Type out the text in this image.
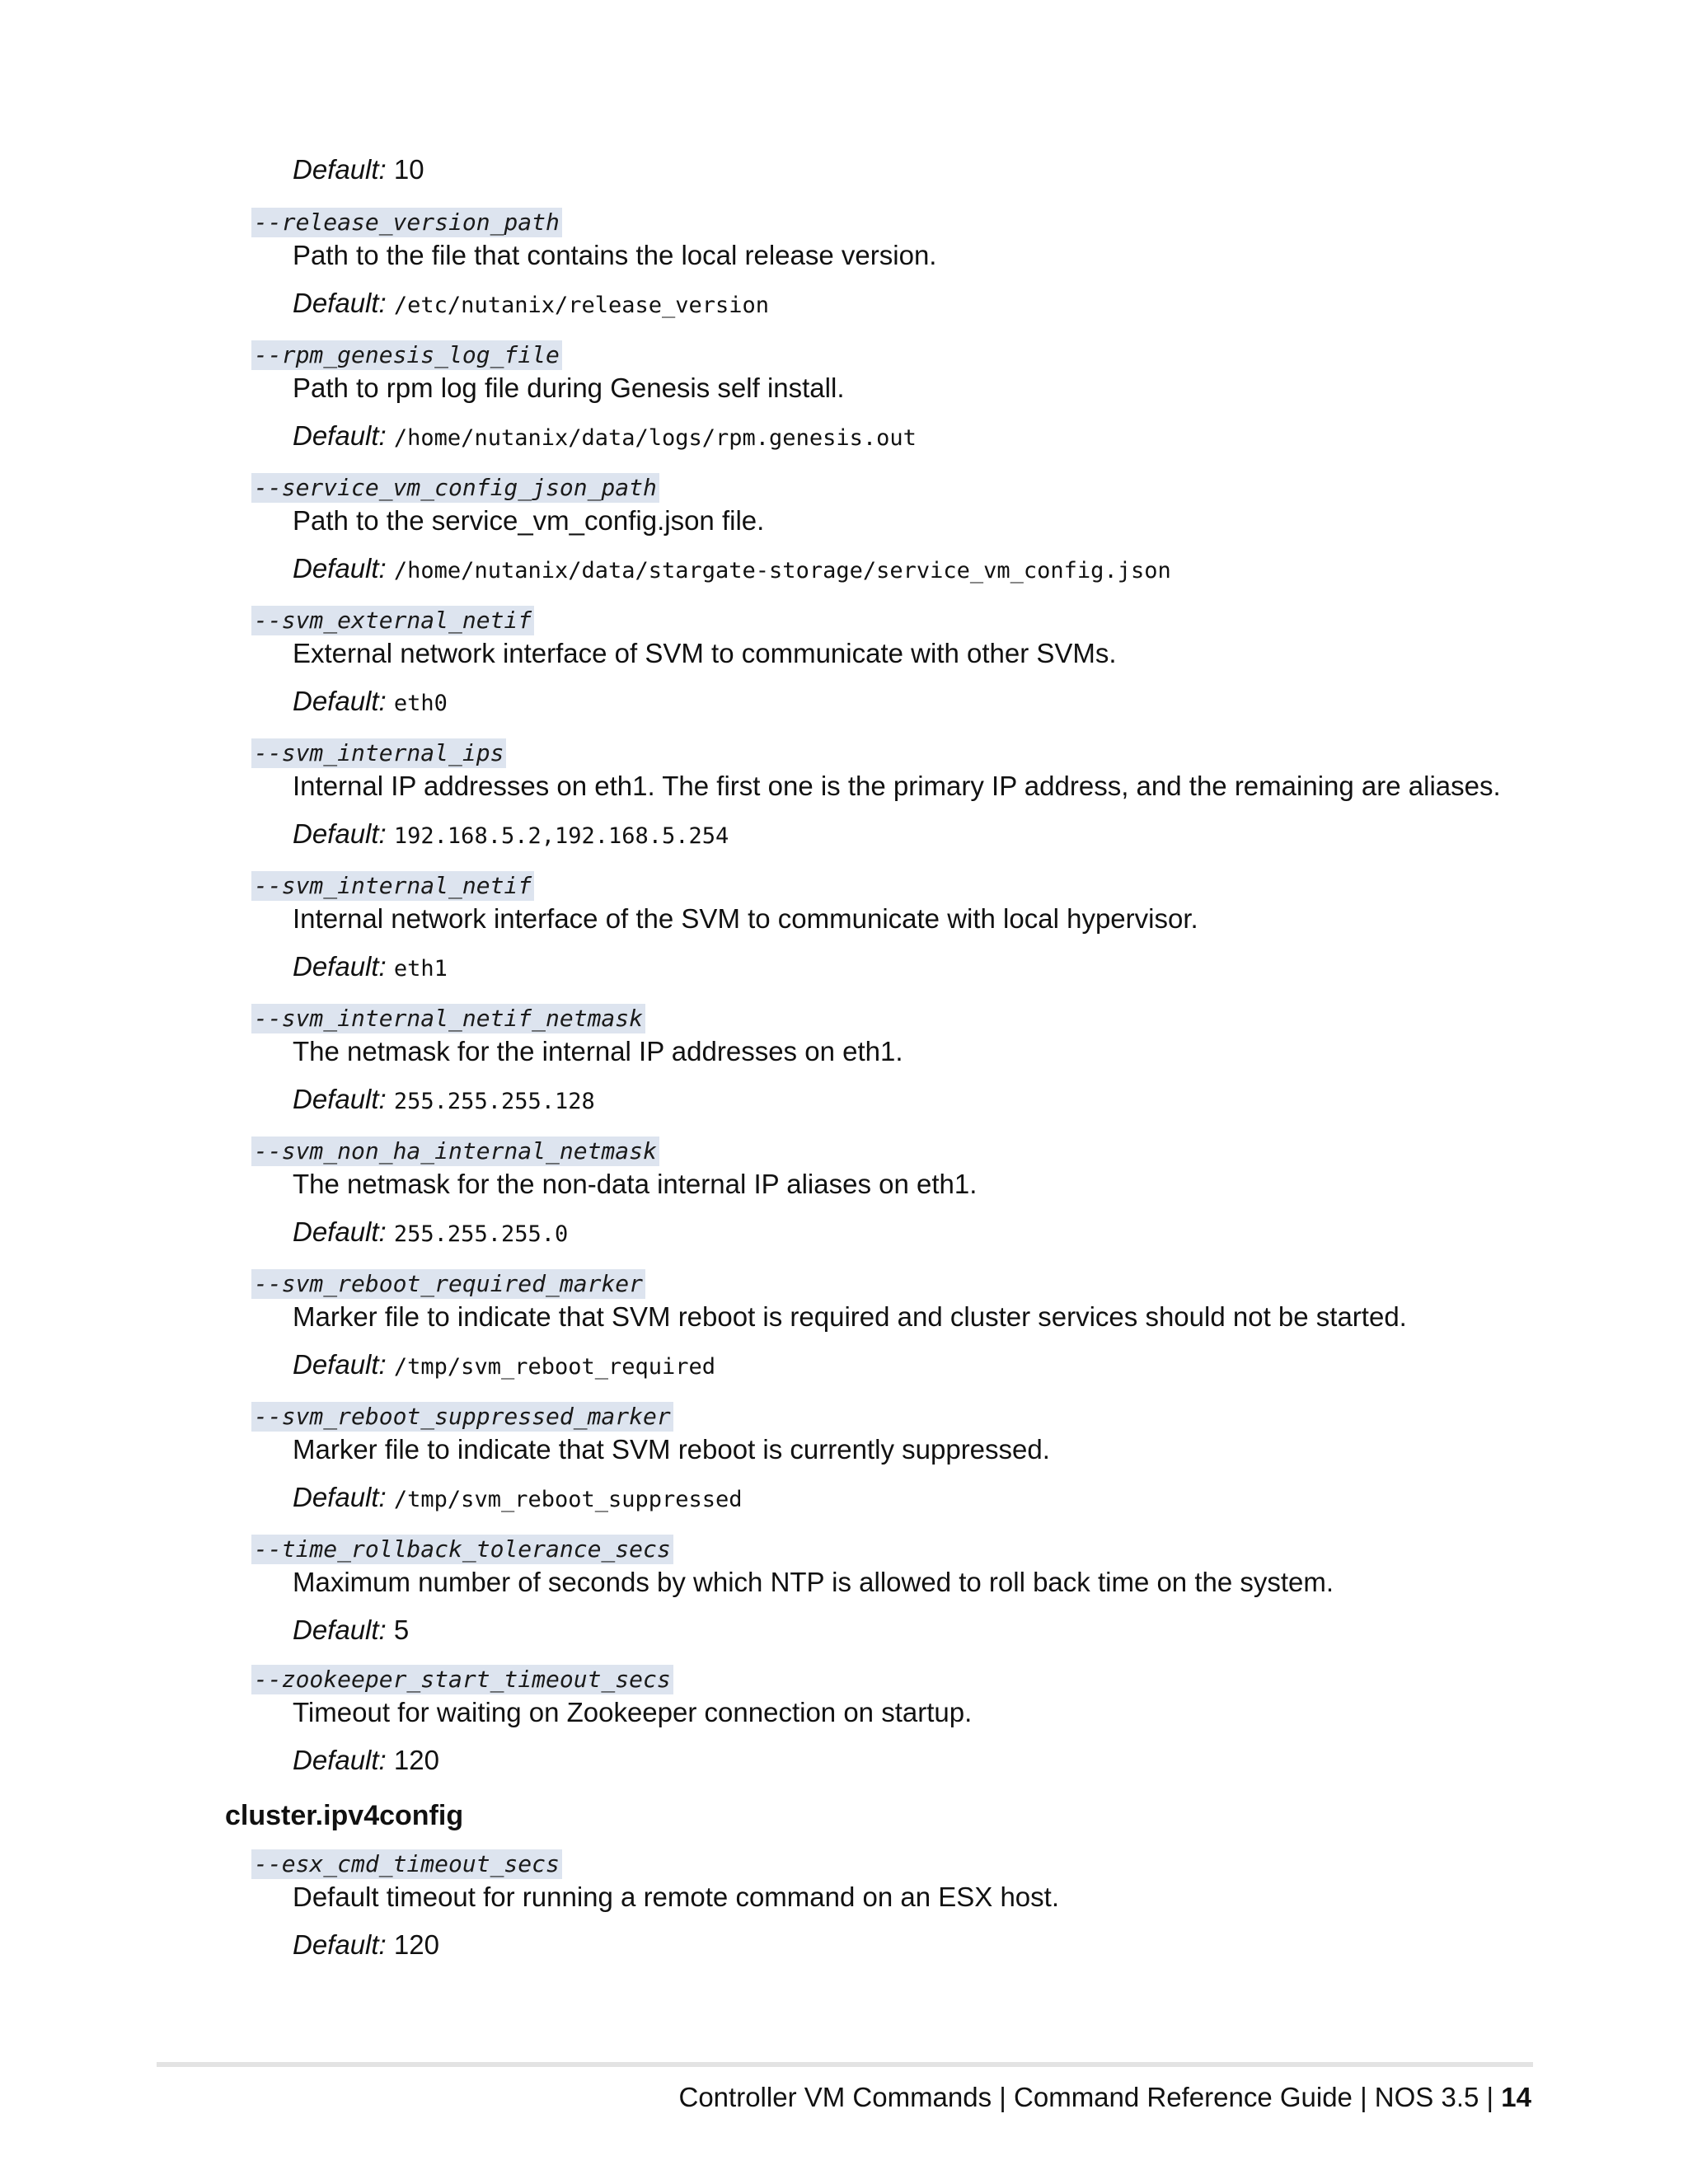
Default: 10
--release_version_path
Path to the file that contains the local release version.
Default: /etc/nutanix/release_version
--rpm_genesis_log_file
Path to rpm log file during Genesis self install.
Default: /home/nutanix/data/logs/rpm.genesis.out
--service_vm_config_json_path
Path to the service_vm_config.json file.
Default: /home/nutanix/data/stargate-storage/service_vm_config.json
--svm_external_netif
External network interface of SVM to communicate with other SVMs.
Default: eth0
--svm_internal_ips
Internal IP addresses on eth1. The first one is the primary IP address, and the remaining are aliases.
Default: 192.168.5.2,192.168.5.254
--svm_internal_netif
Internal network interface of the SVM to communicate with local hypervisor.
Default: eth1
--svm_internal_netif_netmask
The netmask for the internal IP addresses on eth1.
Default: 255.255.255.128
--svm_non_ha_internal_netmask
The netmask for the non-data internal IP aliases on eth1.
Default: 255.255.255.0
--svm_reboot_required_marker
Marker file to indicate that SVM reboot is required and cluster services should not be started.
Default: /tmp/svm_reboot_required
--svm_reboot_suppressed_marker
Marker file to indicate that SVM reboot is currently suppressed.
Default: /tmp/svm_reboot_suppressed
--time_rollback_tolerance_secs
Maximum number of seconds by which NTP is allowed to roll back time on the system.
Default: 5
--zookeeper_start_timeout_secs
Timeout for waiting on Zookeeper connection on startup.
Default: 120
cluster.ipv4config
--esx_cmd_timeout_secs
Default timeout for running a remote command on an ESX host.
Default: 120
Controller VM Commands | Command Reference Guide | NOS 3.5 | 14
